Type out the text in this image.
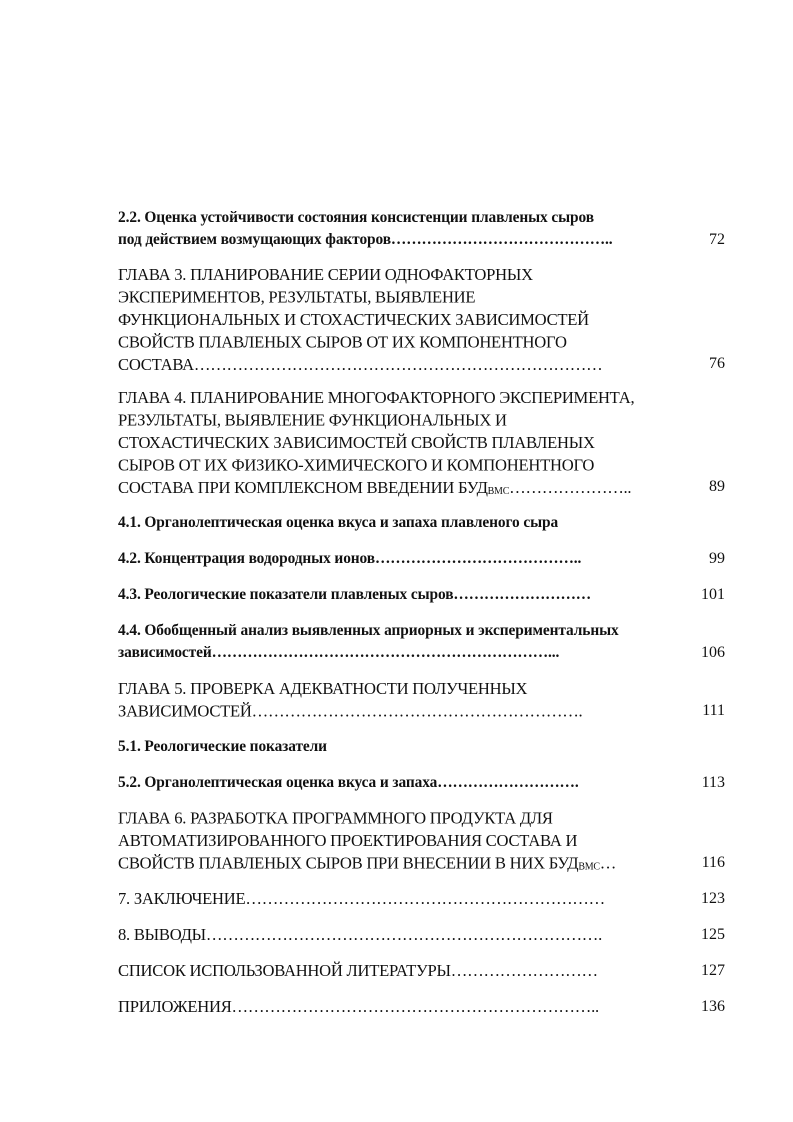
2.2. Оценка устойчивости состояния консистенции плавленых сыров
под действием возмущающих факторов……………………………………..	72
ГЛАВА 3. ПЛАНИРОВАНИЕ СЕРИИ ОДНОФАКТОРНЫХ
ЭКСПЕРИМЕНТОВ, РЕЗУЛЬТАТЫ, ВЫЯВЛЕНИЕ
ФУНКЦИОНАЛЬНЫХ И СТОХАСТИЧЕСКИХ ЗАВИСИМОСТЕЙ
СВОЙСТВ ПЛАВЛЕНЫХ СЫРОВ ОТ ИХ КОМПОНЕНТНОГО
СОСТАВА…………………………………………………………………	76
ГЛАВА 4. ПЛАНИРОВАНИЕ МНОГОФАКТОРНОГО ЭКСПЕРИМЕНТА,
РЕЗУЛЬТАТЫ, ВЫЯВЛЕНИЕ ФУНКЦИОНАЛЬНЫХ И
СТОХАСТИЧЕСКИХ ЗАВИСИМОСТЕЙ СВОЙСТВ ПЛАВЛЕНЫХ
СЫРОВ ОТ ИХ ФИЗИКО-ХИМИЧЕСКОГО И КОМПОНЕНТНОГО
СОСТАВА ПРИ КОМПЛЕКСНОМ ВВЕДЕНИИ $БУД_{ВМС}\dots\dots\dots\dots\dots\dots\dots$..	89
4.1. Органолептическая оценка вкуса и запаха плавленого сыра
4.2. Концентрация водородных ионов…………………………………..	99
4.3. Реологические показатели плавленых сыров………………………	101
4.4. Обобщенный анализ выявленных априорных и экспериментальных
зависимостей…………………………………………………………...	106
ГЛАВА 5. ПРОВЕРКА АДЕКВАТНОСТИ ПОЛУЧЕННЫХ
ЗАВИСИМОСТЕЙ…………………………………………………….	111
5.1. Реологические показатели
5.2. Органолептическая оценка вкуса и запаха……………………….	113
ГЛАВА 6. РАЗРАБОТКА ПРОГРАММНОГО ПРОДУКТА ДЛЯ
АВТОМАТИЗИРОВАННОГО ПРОЕКТИРОВАНИЯ СОСТАВА И
СВОЙСТВ ПЛАВЛЕНЫХ СЫРОВ ПРИ ВНЕСЕНИИ В НИХ $БУД_{ВМС}\dots$	116
7. ЗАКЛЮЧЕНИЕ…………………………………………………………	123
8. ВЫВОДЫ……………………………………………………………….	125
СПИСОК ИСПОЛЬЗОВАННОЙ ЛИТЕРАТУРЫ………………………	127
ПРИЛОЖЕНИЯ…………………………………………………………..	136
